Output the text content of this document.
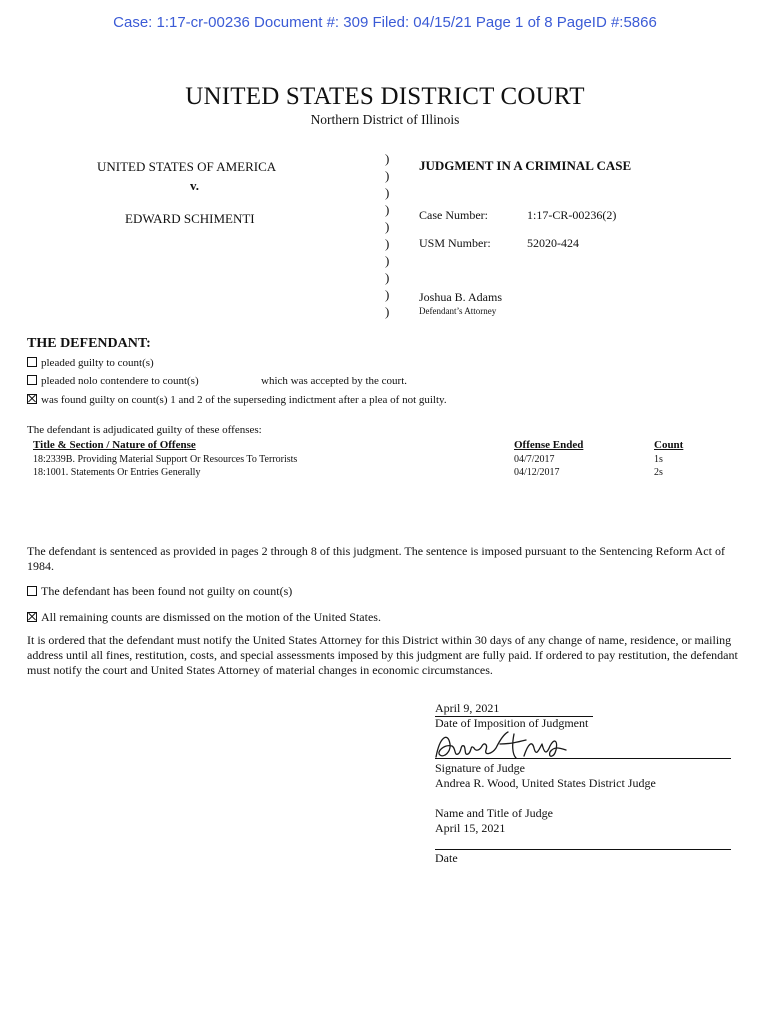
Case: 1:17-cr-00236 Document #: 309 Filed: 04/15/21 Page 1 of 8 PageID #:5866
UNITED STATES DISTRICT COURT
Northern District of Illinois
UNITED STATES OF AMERICA
v.
EDWARD SCHIMENTI
)
)
)
)
)
)
)
)
)
)
JUDGMENT IN A CRIMINAL CASE
Case Number:	1:17-CR-00236(2)
USM Number:	52020-424
Joshua B. Adams
Defendant’s Attorney
THE DEFENDANT:
pleaded guilty to count(s)
pleaded nolo contendere to count(s)	which was accepted by the court.
was found guilty on count(s) 1 and 2 of the superseding indictment after a plea of not guilty.
The defendant is adjudicated guilty of these offenses:
Title & Section / Nature of Offense	Offense Ended	Count
18:2339B. Providing Material Support Or Resources To Terrorists	04/7/2017	1s
18:1001. Statements Or Entries Generally	04/12/2017	2s
The defendant is sentenced as provided in pages 2 through 8 of this judgment. The sentence is imposed pursuant to the Sentencing Reform Act of 1984.
The defendant has been found not guilty on count(s)
All remaining counts are dismissed on the motion of the United States.
It is ordered that the defendant must notify the United States Attorney for this District within 30 days of any change of name, residence, or mailing address until all fines, restitution, costs, and special assessments imposed by this judgment are fully paid. If ordered to pay restitution, the defendant must notify the court and United States Attorney of material changes in economic circumstances.
April 9, 2021
Date of Imposition of Judgment
Signature of Judge
Andrea R. Wood, United States District Judge
Name and Title of Judge
April 15, 2021
Date
